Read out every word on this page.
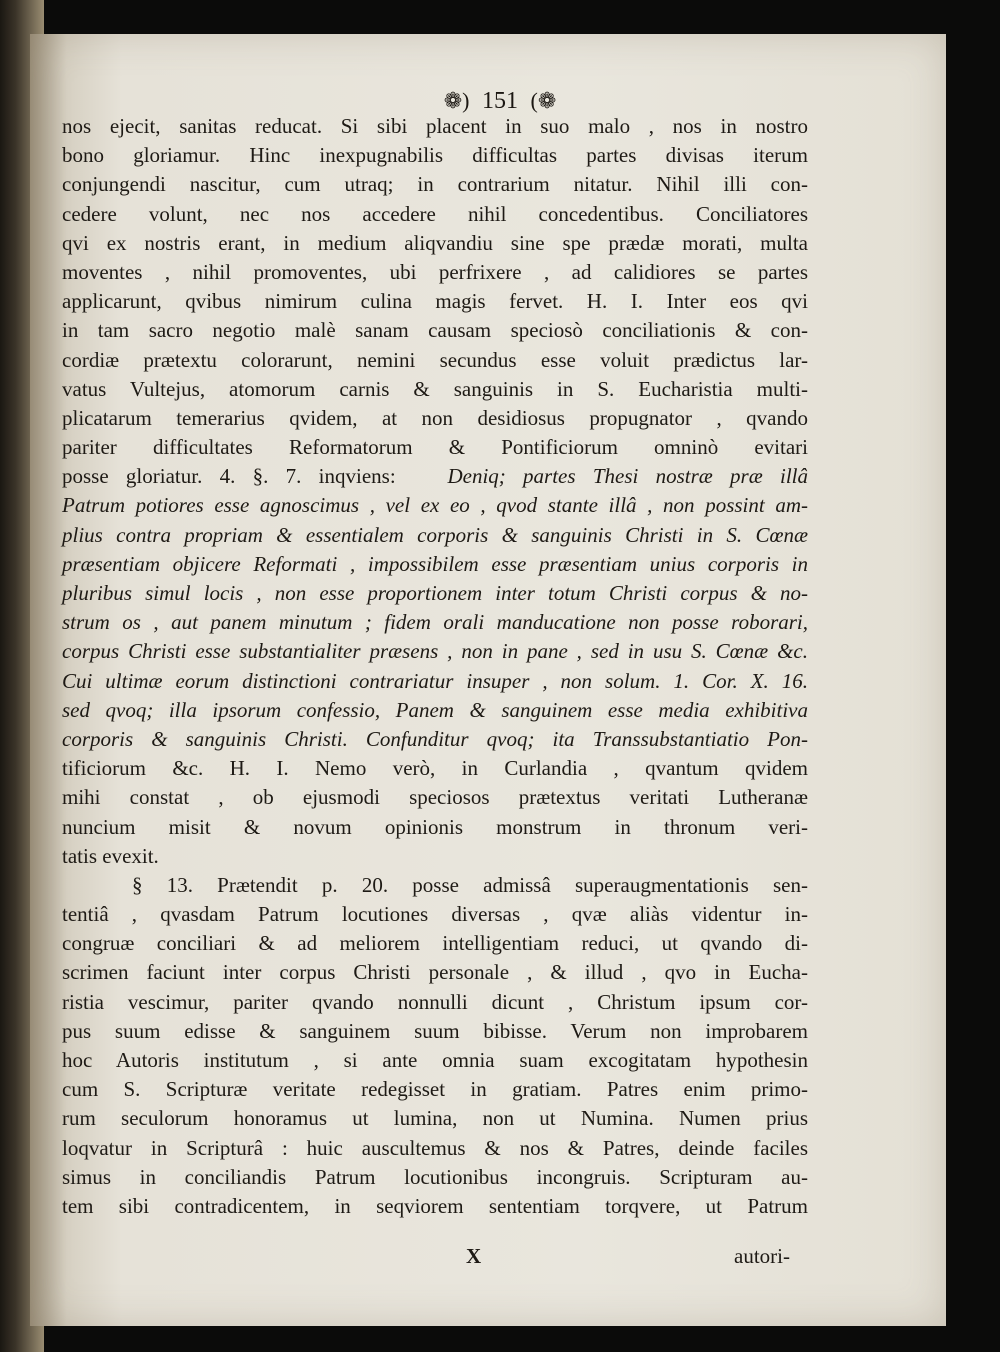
❁) 151 (❁
nos ejecit, sanitas reducat. Si sibi placent in suo malo , nos in nostro
bono gloriamur. Hinc inexpugnabilis difficultas partes divisas iterum
conjungendi nascitur, cum utraq; in contrarium nitatur. Nihil illi con-
cedere volunt, nec nos accedere nihil concedentibus. Conciliatores
qvi ex nostris erant, in medium aliqvandiu sine spe prædæ morati, multa
moventes , nihil promoventes, ubi perfrixere , ad calidiores se partes
applicarunt, qvibus nimirum culina magis fervet. H. I. Inter eos qvi
in tam sacro negotio malè sanam causam speciosò conciliationis & con-
cordiæ prætextu colorarunt, nemini secundus esse voluit prædictus lar-
vatus Vultejus, atomorum carnis & sanguinis in S. Eucharistia multi-
plicatarum temerarius qvidem, at non desidiosus propugnator , qvando
pariter difficultates Reformatorum & Pontificiorum omninò evitari
posse gloriatur. 4. §. 7. inqviens: Deniq; partes Thesi nostræ præ illâ
Patrum potiores esse agnoscimus , vel ex eo , qvod stante illâ , non possint am-
plius contra propriam & essentialem corporis & sanguinis Christi in S. Cœnæ
præsentiam objicere Reformati , impossibilem esse præsentiam unius corporis in
pluribus simul locis , non esse proportionem inter totum Christi corpus & no-
strum os , aut panem minutum ; fidem orali manducatione non posse roborari,
corpus Christi esse substantialiter præsens , non in pane , sed in usu S. Cœnæ &c.
Cui ultimæ eorum distinctioni contrariatur insuper , non solum. 1. Cor. X. 16.
sed qvoq; illa ipsorum confessio, Panem & sanguinem esse media exhibitiva
corporis & sanguinis Christi. Confunditur qvoq; ita Transsubstantiatio Pon-
tificiorum &c. H. I. Nemo verò, in Curlandia , qvantum qvidem
mihi constat , ob ejusmodi speciosos prætextus veritati Lutheranæ
nuncium misit & novum opinionis monstrum in thronum veri-
tatis evexit.
§ 13. Prætendit p. 20. posse admissâ superaugmentationis sen-
tentiâ , qvasdam Patrum locutiones diversas , qvæ aliàs videntur in-
congruæ conciliari & ad meliorem intelligentiam reduci, ut qvando di-
scrimen faciunt inter corpus Christi personale , & illud , qvo in Eucha-
ristia vescimur, pariter qvando nonnulli dicunt , Christum ipsum cor-
pus suum edisse & sanguinem suum bibisse. Verum non improbarem
hoc Autoris institutum , si ante omnia suam excogitatam hypothesin
cum S. Scripturæ veritate redegisset in gratiam. Patres enim primo-
rum seculorum honoramus ut lumina, non ut Numina. Numen prius
loqvatur in Scripturâ : huic auscultemus & nos & Patres, deinde faciles
simus in conciliandis Patrum locutionibus incongruis. Scripturam au-
tem sibi contradicentem, in seqviorem sententiam torqvere, ut Patrum
X	autori-
